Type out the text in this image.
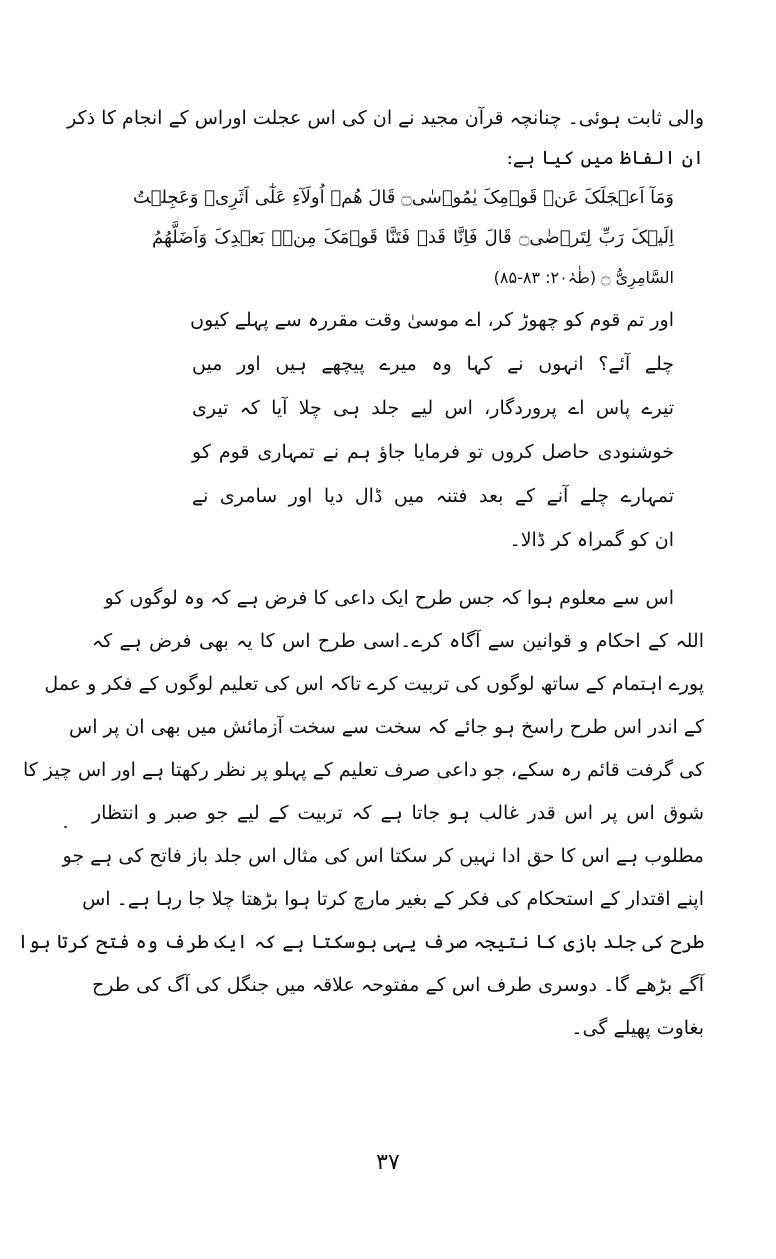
والی ثابت ہوئی۔ چنانچہ قرآن مجید نے ان کی اس عجلت اوراس کے انجام کا ذکر
ان الفاظ میں کیا ہے:
وَمَآ اَعۡجَلَکَ عَنۡ قَوۡمِکَ یٰمُوۡسٰی۝ قَالَ ھُمۡ اُولَآءِ عَلٰٓی اَثَرِیۡ وَعَجِلۡتُ
اِلَیۡکَ رَبِّ لِتَرۡضٰی۝ قَالَ فَاِنَّا قَدۡ فَتَنَّا قَوۡمَکَ مِنۡۢ بَعۡدِکَ وَاَضَلَّھُمُ
السَّامِرِیُّ ۝ (طٰہٰ۲۰: ۸۳-۸۵)
اور تم قوم کو چھوڑ کر، اے موسیٰ وقت مقررہ سے پہلے کیوں
چلے آئے؟ انہوں نے کہا وہ میرے پیچھے ہیں اور میں
تیرے پاس اے پروردگار، اس لیے جلد ہی چلا آیا کہ تیری
خوشنودی حاصل کروں تو فرمایا جاؤ ہم نے تمہاری قوم کو
تمہارے چلے آنے کے بعد فتنہ میں ڈال دیا اور سامری نے
ان کو گمراہ کر ڈالا۔
اس سے معلوم ہوا کہ جس طرح ایک داعی کا فرض ہے کہ وہ لوگوں کو
اللہ کے احکام و قوانین سے آگاہ کرے۔اسی طرح اس کا یہ بھی فرض ہے کہ
پورے اہتمام کے ساتھ لوگوں کی تربیت کرے تاکہ اس کی تعلیم لوگوں کے فکر و عمل
کے اندر اس طرح راسخ ہو جائے کہ سخت سے سخت آزمائش میں بھی ان پر اس
کی گرفت قائم رہ سکے، جو داعی صرف تعلیم کے پہلو پر نظر رکھتا ہے اور اس چیز کا
شوق اس پر اس قدر غالب ہو جاتا ہے کہ تربیت کے لیے جو صبر و انتظار
مطلوب ہے اس کا حق ادا نہیں کر سکتا اس کی مثال اس جلد باز فاتح کی ہے جو
اپنے اقتدار کے استحکام کی فکر کے بغیر مارچ کرتا ہوا بڑھتا چلا جا رہا ہے۔ اس
طرح کی جلد بازی کا نتیجہ صرف یہی ہوسکتا ہے کہ ایک طرف وہ فتح کرتا ہوا
آگے بڑھے گا۔ دوسری طرف اس کے مفتوحہ علاقہ میں جنگل کی آگ کی طرح
بغاوت پھیلے گی۔
۳۷
